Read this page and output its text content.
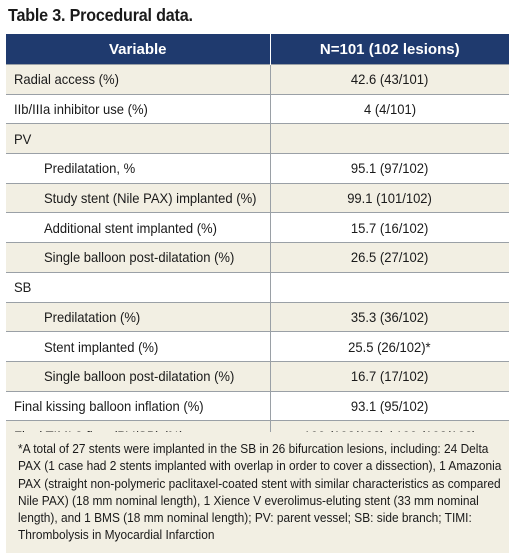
Table 3. Procedural data.
Variable	N=101 (102 lesions)
Radial access (%)	42.6 (43/101)
IIb/IIIa inhibitor use (%)	4 (4/101)
PV	
Predilatation, %	95.1 (97/102)
Study stent (Nile PAX) implanted (%)	99.1 (101/102)
Additional stent implanted (%)	15.7 (16/102)
Single balloon post-dilatation (%)	26.5 (27/102)
SB	
Predilatation (%)	35.3 (36/102)
Stent implanted (%)	25.5 (26/102)*
Single balloon post-dilatation (%)	16.7 (17/102)
Final kissing balloon inflation (%)	93.1 (95/102)

*A total of 27 stents were implanted in the SB in 26 bifurcation lesions, including: 24 Delta PAX (1 case had 2 stents implanted with overlap in order to cover a dissection), 1 Amazonia PAX (straight non-polymeric paclitaxel-coated stent with similar characteristics as compared Nile PAX) (18 mm nominal length), 1 Xience V everolimus-eluting stent (33 mm nominal length), and 1 BMS (18 mm nominal length); PV: parent vessel; SB: side branch; TIMI: Thrombolysis in Myocardial Infarction
